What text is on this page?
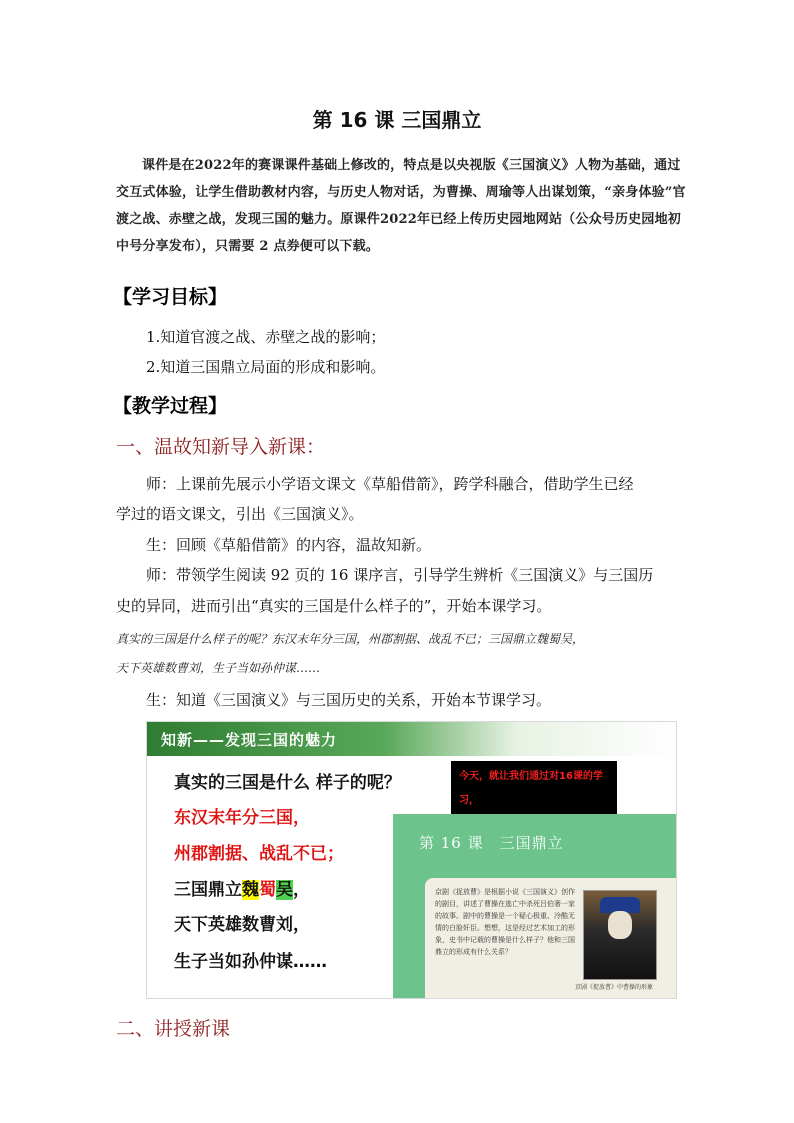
第 16 课 三国鼎立
课件是在2022年的赛课课件基础上修改的，特点是以央视版《三国演义》人物为基础，通过交互式体验，让学生借助教材内容，与历史人物对话，为曹操、周瑜等人出谋划策，“亲身体验”官渡之战、赤壁之战，发现三国的魅力。原课件2022年已经上传历史园地网站（公众号历史园地初中号分享发布），只需要 2 点券便可以下载。
【学习目标】
1.知道官渡之战、赤壁之战的影响；
2.知道三国鼎立局面的形成和影响。
【教学过程】
一、温故知新导入新课：
师：上课前先展示小学语文课文《草船借箭》，跨学科融合，借助学生已经
学过的语文课文，引出《三国演义》。
生：回顾《草船借箭》的内容，温故知新。
师：带领学生阅读 92 页的 16 课序言，引导学生辨析《三国演义》与三国历
史的异同，进而引出“真实的三国是什么样子的”，开始本课学习。
真实的三国是什么样子的呢？东汉末年分三国，州郡割据、战乱不已；三国鼎立魏蜀吴，
天下英雄数曹刘，生子当如孙仲谋……
生：知道《三国演义》与三国历史的关系，开始本节课学习。
知新——发现三国的魅力
真实的三国是什么 样子的呢？
东汉末年分三国，
州郡割据、战乱不已；
三国鼎立魏蜀吴，
天下英雄数曹刘，
生子当如孙仲谋……
今天，就让我们通过对16课的学习，
第 16 课　三国鼎立
京剧《捉放曹》是根据小说《三国演义》创作的剧目，讲述了曹操在逃亡中杀死吕伯奢一家的故事。剧中的曹操是一个疑心极重、冷酷无情的白脸奸臣。想想，这是经过艺术加工的形象，史书中记载的曹操是什么样子？他和三国鼎立的形成有什么关系？
京剧《捉放曹》中曹操的形象
二、讲授新课
